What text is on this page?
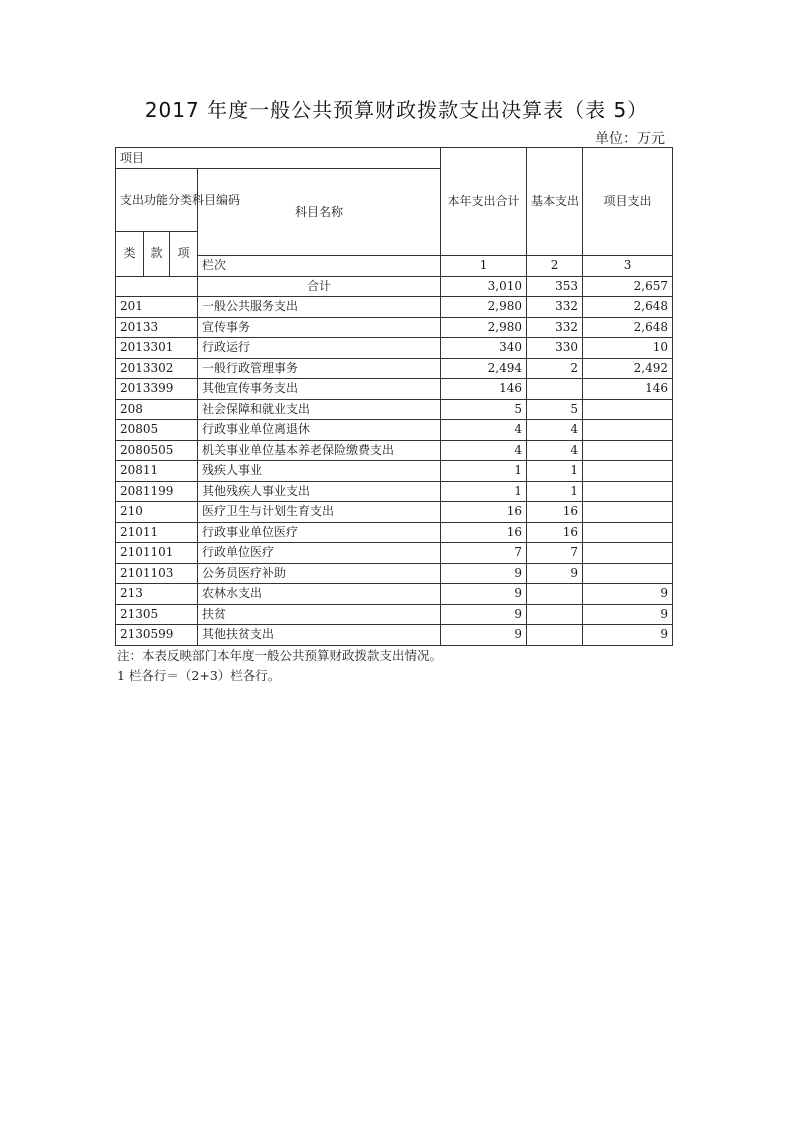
2017 年度一般公共预算财政拨款支出决算表（表 5）
单位：万元
项目				本年支出合计	基本支出	项目支出
支出功能分类科目编码			科目名称			
类	款	项				
			栏次	1	2	3
			合计	3,010	353	2,657
201			一般公共服务支出	2,980	332	2,648
20133			宣传事务	2,980	332	2,648
2013301			行政运行	340	330	10
2013302			一般行政管理事务	2,494	2	2,492
2013399			其他宣传事务支出	146		146
208			社会保障和就业支出	5	5	
20805			行政事业单位离退休	4	4	
2080505			机关事业单位基本养老保险缴费支出	4	4	
20811			残疾人事业	1	1	
2081199			其他残疾人事业支出	1	1	
210			医疗卫生与计划生育支出	16	16	
21011			行政事业单位医疗	16	16	
2101101			行政单位医疗	7	7	
2101103			公务员医疗补助	9	9	
213			农林水支出	9		9
21305			扶贫	9		9
2130599			其他扶贫支出	9		9
注：本表反映部门本年度一般公共预算财政拨款支出情况。
1 栏各行＝（2+3）栏各行。
